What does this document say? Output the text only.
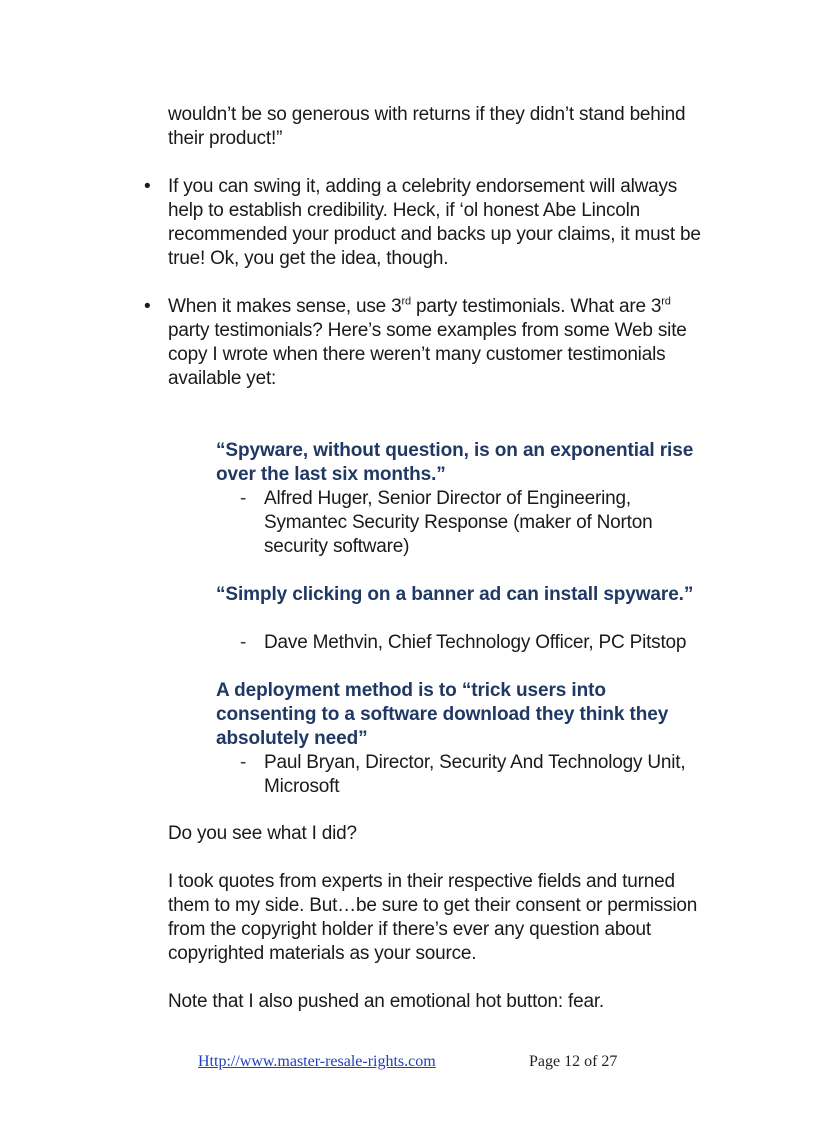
wouldn’t be so generous with returns if they didn’t stand behind their product!”

• If you can swing it, adding a celebrity endorsement will always help to establish credibility. Heck, if ‘ol honest Abe Lincoln recommended your product and backs up your claims, it must be true! Ok, you get the idea, though.
• When it makes sense, use 3rd party testimonials. What are 3rd party testimonials? Here’s some examples from some Web site copy I wrote when there weren’t many customer testimonials available yet:
“Spyware, without question, is on an exponential rise over the last six months.”
- Alfred Huger, Senior Director of Engineering, Symantec Security Response (maker of Norton security software)
“Simply clicking on a banner ad can install spyware.”
- Dave Methvin, Chief Technology Officer, PC Pitstop
A deployment method is to “trick users into consenting to a software download they think they absolutely need”
- Paul Bryan, Director, Security And Technology Unit, Microsoft

Do you see what I did?

I took quotes from experts in their respective fields and turned them to my side. But…be sure to get their consent or permission from the copyright holder if there’s ever any question about copyrighted materials as your source.

Note that I also pushed an emotional hot button: fear.

Http://www.master-resale-rights.com	Page 12 of 27
